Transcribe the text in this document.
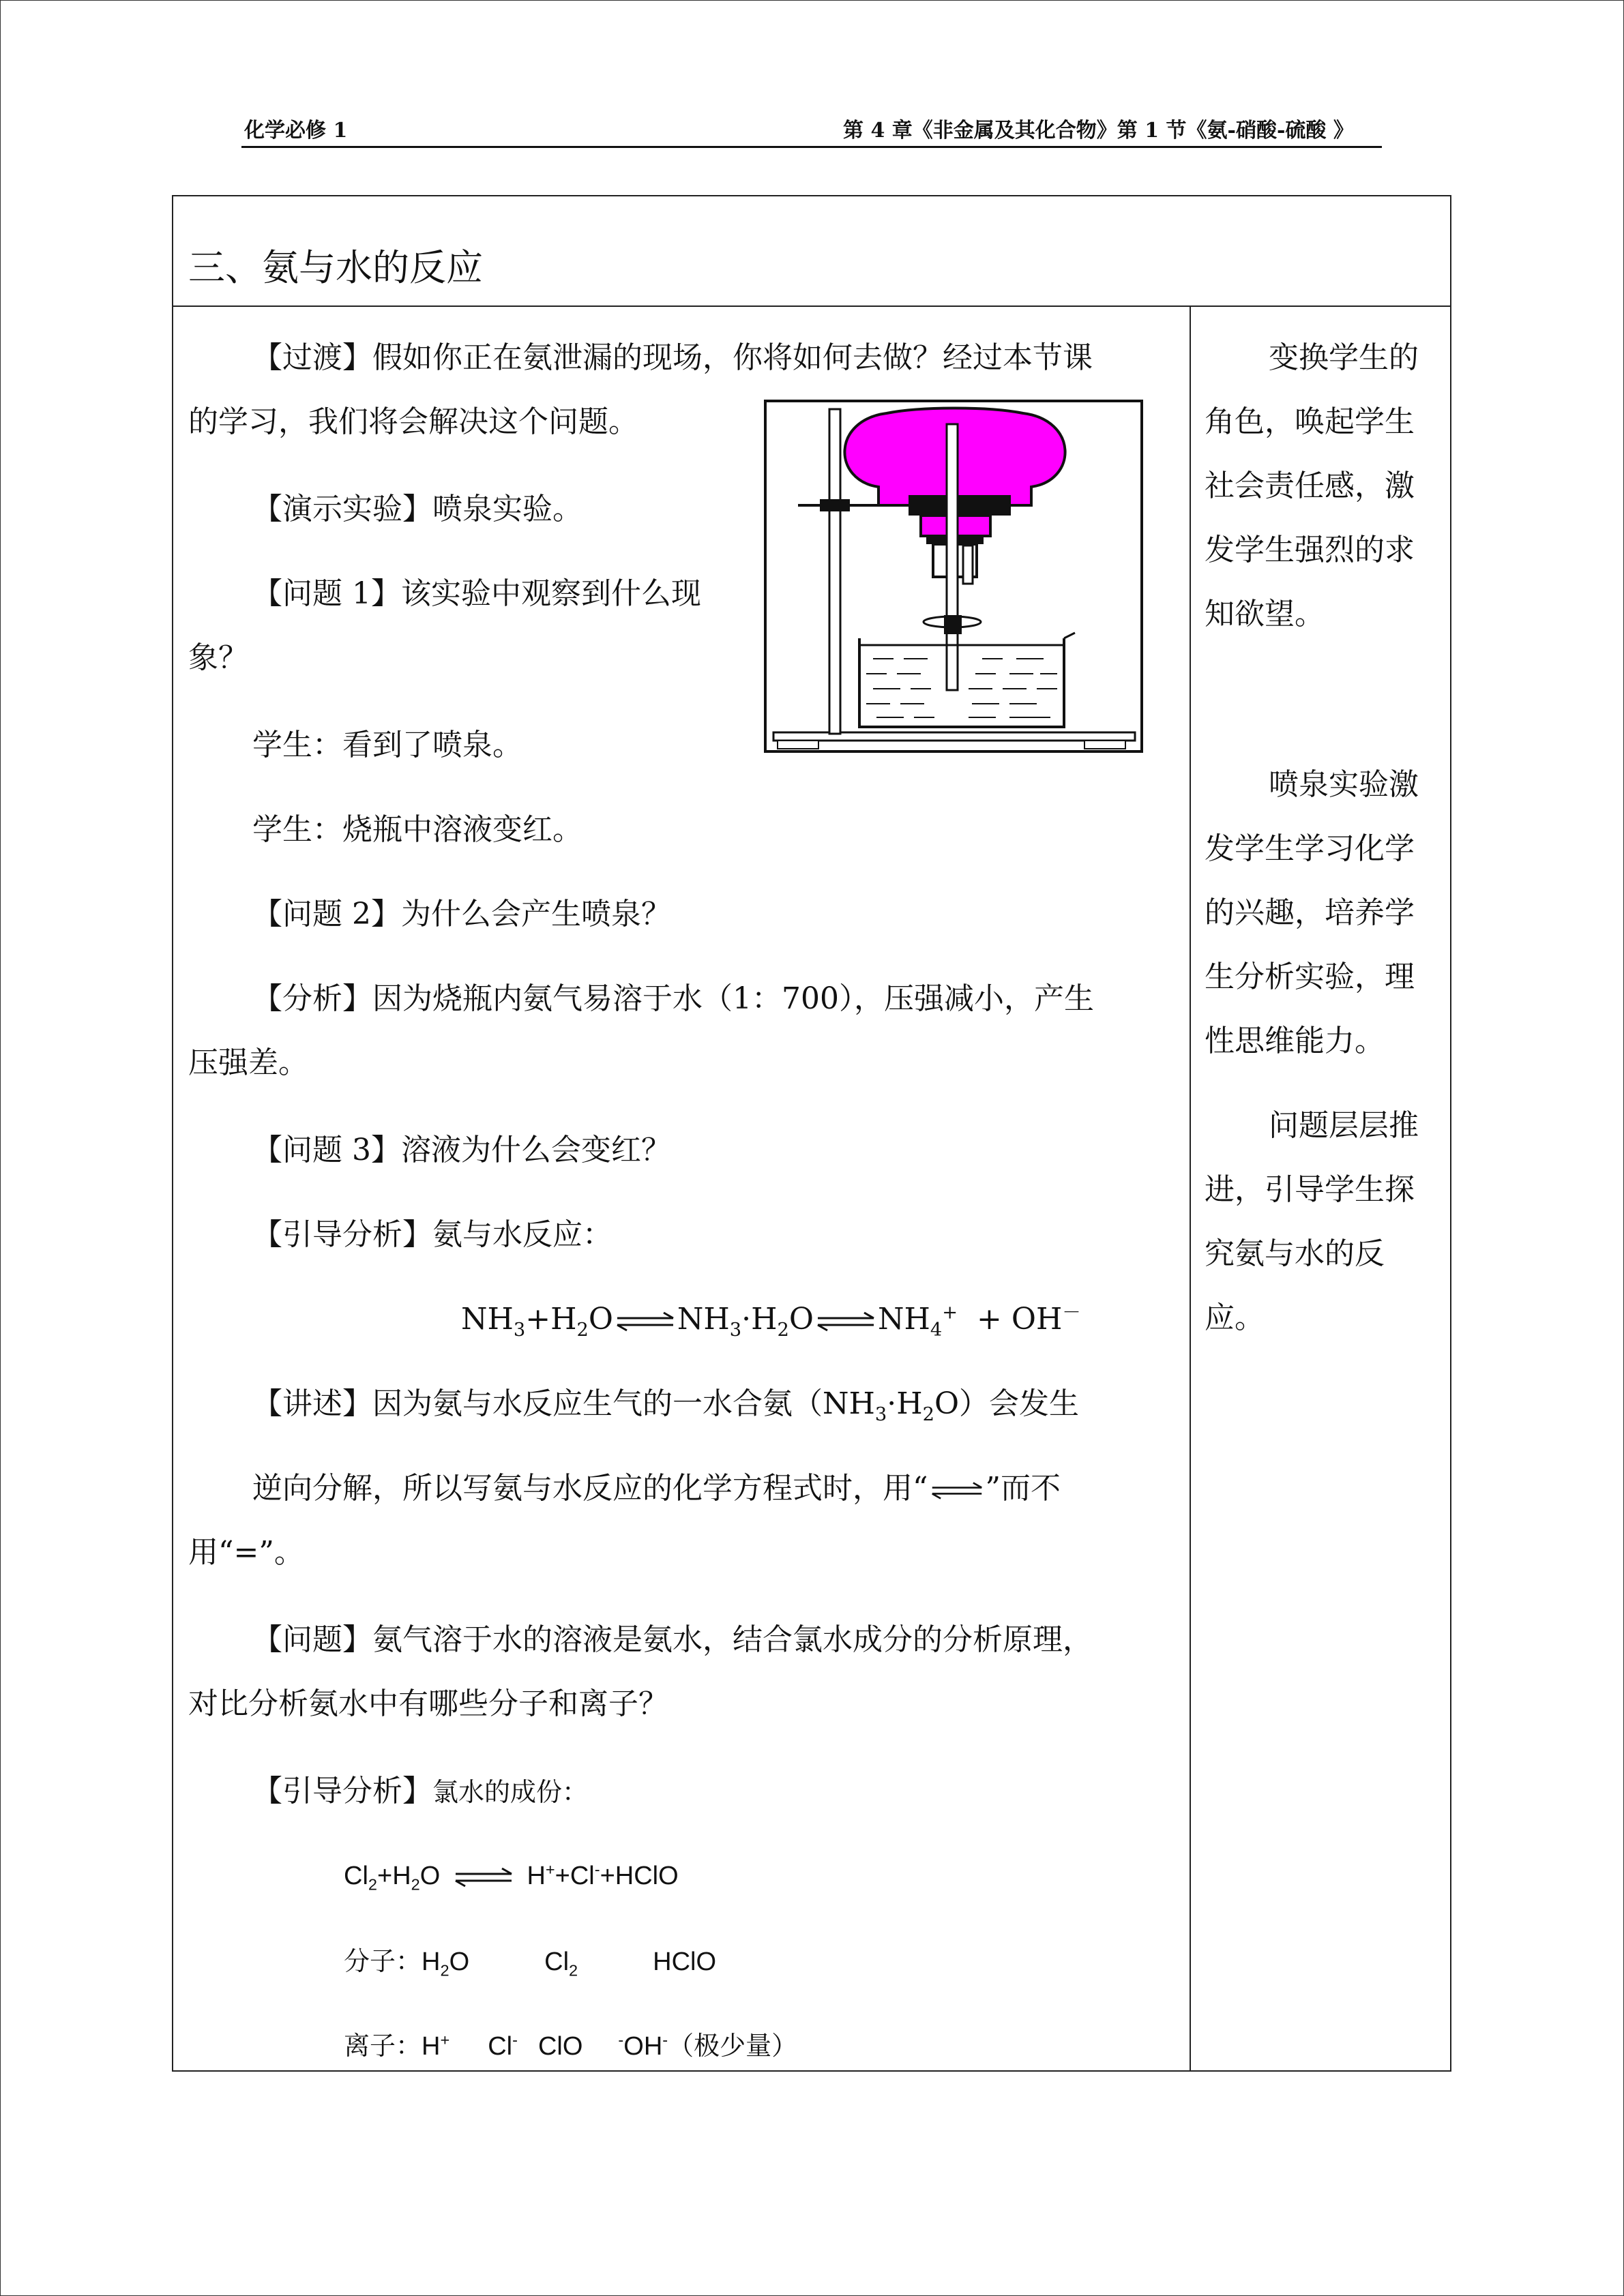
化学必修 1	第 4 章《非金属及其化合物》第 1 节《氨-硝酸-硫酸 》
三、氨与水的反应
【过渡】假如你正在氨泄漏的现场，你将如何去做？经过本节课
的学习，我们将会解决这个问题。
【演示实验】喷泉实验。
【问题 1】该实验中观察到什么现
象？
学生：看到了喷泉。
学生：烧瓶中溶液变红。
【问题 2】为什么会产生喷泉？
【分析】因为烧瓶内氨气易溶于水（1：700），压强减小，产生
压强差。
【问题 3】溶液为什么会变红？
【引导分析】氨与水反应：
$NH_3+H_2O$ ⇌ $NH_3\cdot H_2O$ ⇌ $NH_4^+ + OH^-$
【讲述】因为氨与水反应生气的一水合氨$(NH_3\cdot H_2O)$会发生
逆向分解，所以写氨与水反应的化学方程式时，用“ ⇌ ”而不
用“=”。
【问题】氨气溶于水的溶液是氨水，结合氯水成分的分析原理，
对比分析氨水中有哪些分子和离子？
【引导分析】氯水的成份：
$Cl_2+H_2O$ ⇌ H++Cl-+HClO
分子：$H_2O$	$Cl_2$	HClO
离子：H+ Cl- ClO -OH-（极少量）
变换学生的
角色，唤起学生
社会责任感，激
发学生强烈的求
知欲望。
喷泉实验激
发学生学习化学
的兴趣，培养学
生分析实验，理
性思维能力。
问题层层推
进，引导学生探
究氨与水的反
应。
